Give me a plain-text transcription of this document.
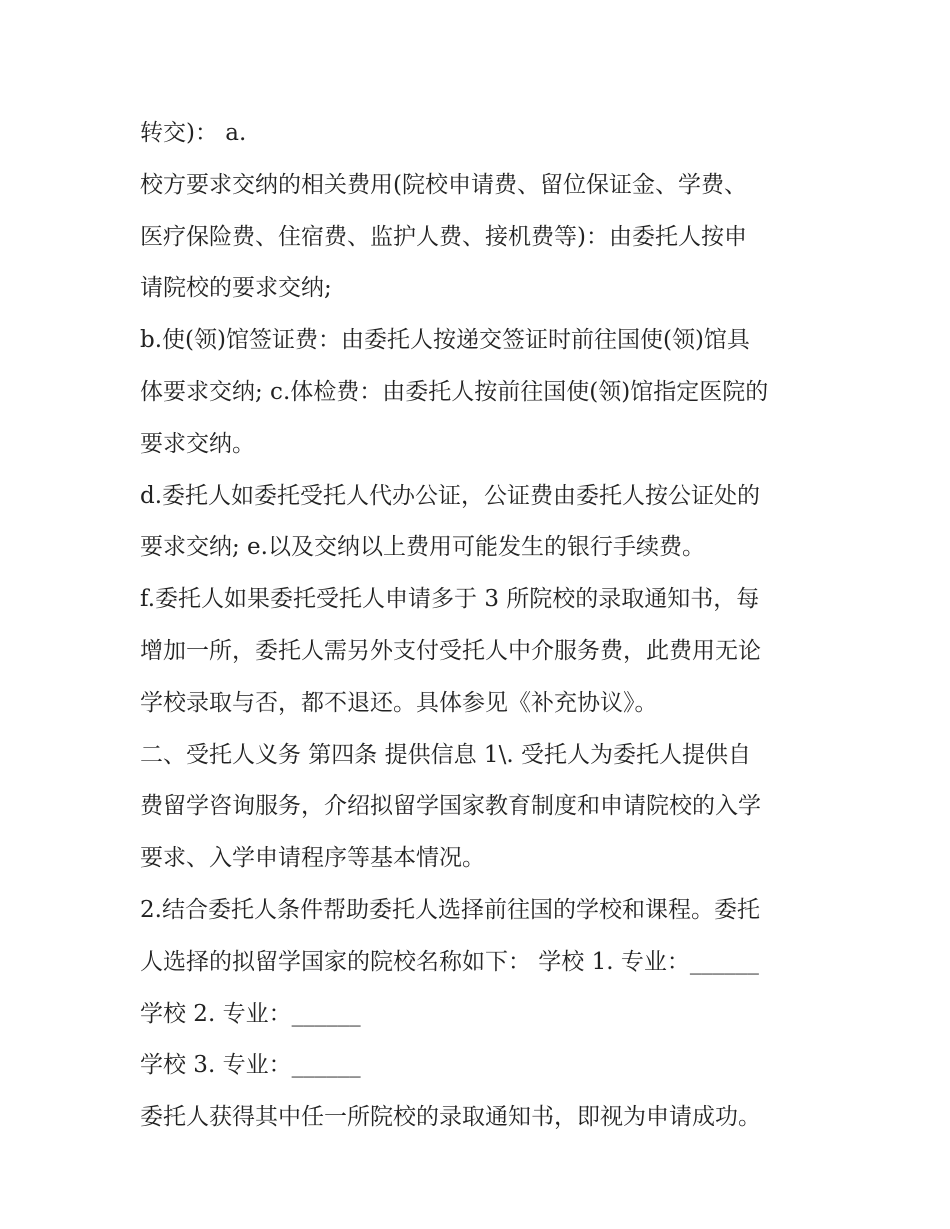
转交)： a.
校方要求交纳的相关费用(院校申请费、留位保证金、学费、
医疗保险费、住宿费、监护人费、接机费等)：由委托人按申
请院校的要求交纳;
b.使(领)馆签证费：由委托人按递交签证时前往国使(领)馆具
体要求交纳; c.体检费：由委托人按前往国使(领)馆指定医院的
要求交纳。
d.委托人如委托受托人代办公证，公证费由委托人按公证处的
要求交纳; e.以及交纳以上费用可能发生的银行手续费。
f.委托人如果委托受托人申请多于 3 所院校的录取通知书，每
增加一所，委托人需另外支付受托人中介服务费，此费用无论
学校录取与否，都不退还。具体参见《补充协议》。
二、受托人义务 第四条 提供信息 1\. 受托人为委托人提供自
费留学咨询服务，介绍拟留学国家教育制度和申请院校的入学
要求、入学申请程序等基本情况。
2.结合委托人条件帮助委托人选择前往国的学校和课程。委托
人选择的拟留学国家的院校名称如下： 学校 1. 专业：______
学校 2. 专业：______
学校 3. 专业：______
委托人获得其中任一所院校的录取通知书，即视为申请成功。
